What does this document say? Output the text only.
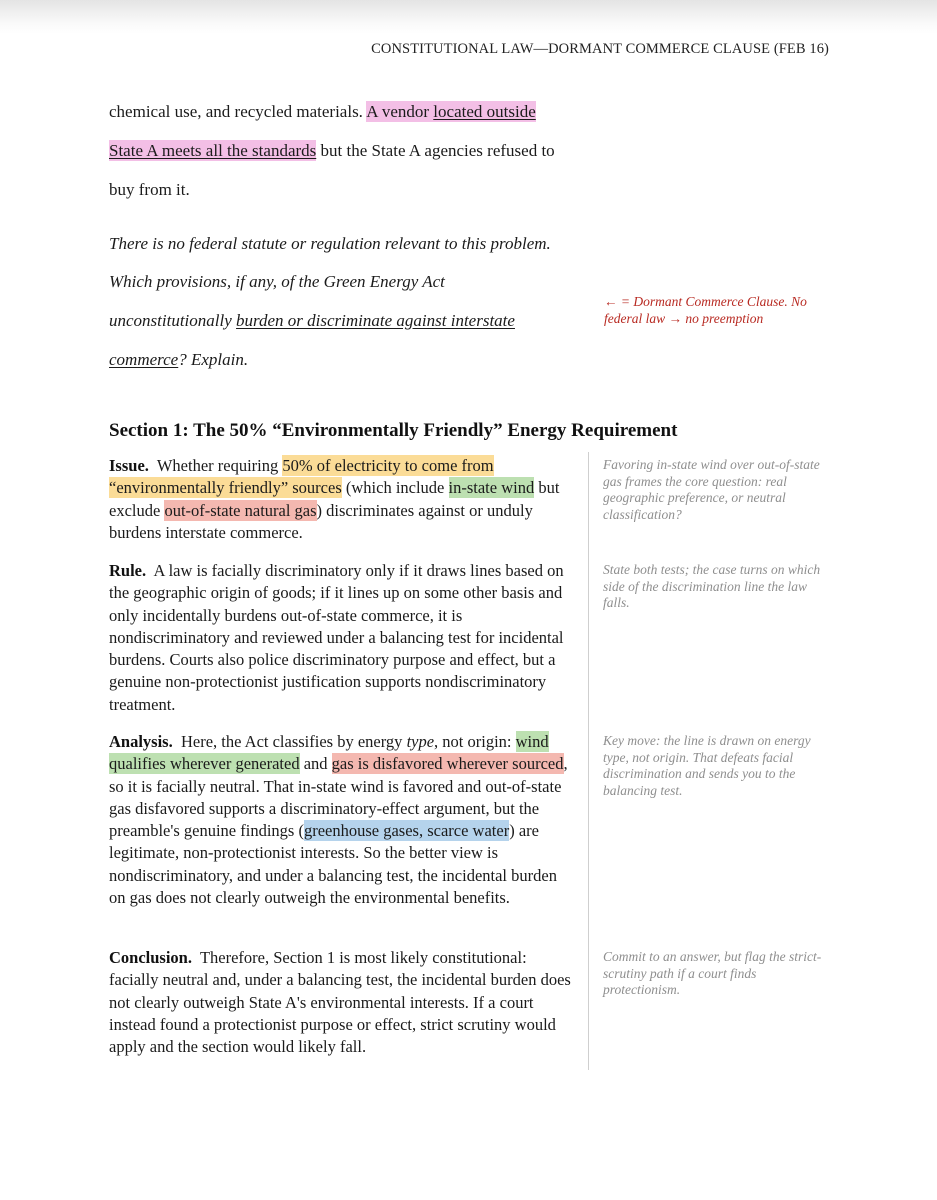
CONSTITUTIONAL LAW—DORMANT COMMERCE CLAUSE (FEB 16)

chemical use, and recycled materials. A vendor located outside

State A meets all the standards but the State A agencies refused to

buy from it.

There is no federal statute or regulation relevant to this problem.

Which provisions, if any, of the Green Energy Act

unconstitutionally burden or discriminate against interstate

commerce? Explain.

← = Dormant Commerce Clause. No federal law → no preemption
Section 1: The 50% “Environmentally Friendly” Energy Requirement

Issue. Whether requiring 50% of electricity to come from “environmentally friendly” sources (which include in-state wind but exclude out-of-state natural gas) discriminates against or unduly burdens interstate commerce.

Rule. A law is facially discriminatory only if it draws lines based on the geographic origin of goods; if it lines up on some other basis and only incidentally burdens out-of-state commerce, it is nondiscriminatory and reviewed under a balancing test for incidental burdens. Courts also police discriminatory purpose and effect, but a genuine non-protectionist justification supports nondiscriminatory treatment.

Analysis. Here, the Act classifies by energy type, not origin: wind qualifies wherever generated and gas is disfavored wherever sourced, so it is facially neutral. That in-state wind is favored and out-of-state gas disfavored supports a discriminatory-effect argument, but the preamble's genuine findings (greenhouse gases, scarce water) are legitimate, non-protectionist interests. So the better view is nondiscriminatory, and under a balancing test, the incidental burden on gas does not clearly outweigh the environmental benefits.

Conclusion. Therefore, Section 1 is most likely constitutional: facially neutral and, under a balancing test, the incidental burden does not clearly outweigh State A's environmental interests. If a court instead found a protectionist purpose or effect, strict scrutiny would apply and the section would likely fall.

Favoring in-state wind over out-of-state gas frames the core question: real geographic preference, or neutral classification?

State both tests; the case turns on which side of the discrimination line the law falls.

Key move: the line is drawn on energy type, not origin. That defeats facial discrimination and sends you to the balancing test.

Commit to an answer, but flag the strict-scrutiny path if a court finds protectionism.
